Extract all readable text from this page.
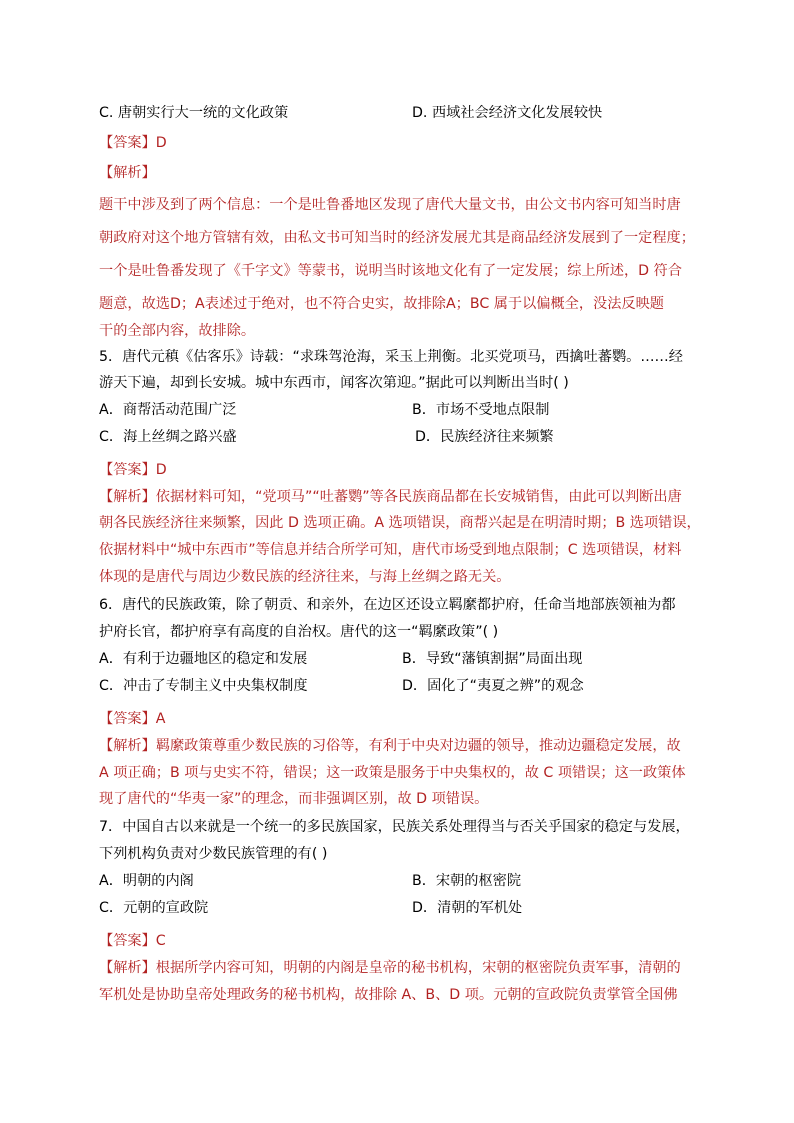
C. 唐朝实行大一统的文化政策	D. 西域社会经济文化发展较快
【答案】D
【解析】
题干中涉及到了两个信息：一个是吐鲁番地区发现了唐代大量文书，由公文书内容可知当时唐
朝政府对这个地方管辖有效，由私文书可知当时的经济发展尤其是商品经济发展到了一定程度；
一个是吐鲁番发现了《千字文》等蒙书，说明当时该地文化有了一定发展；综上所述，D 符合
题意，故选D；A表述过于绝对，也不符合史实，故排除A；BC 属于以偏概全，没法反映题
干的全部内容，故排除。
5．唐代元稹《估客乐》诗载：“求珠驾沧海，采玉上荆衡。北买党项马，西擒吐蕃鹦。……经
游天下遍，却到长安城。城中东西市，闻客次第迎。”据此可以判断出当时( )
A．商帮活动范围广泛	B．市场不受地点限制
C．海上丝绸之路兴盛	D．民族经济往来频繁
【答案】D
【解析】依据材料可知，“党项马”“吐蕃鹦”等各民族商品都在长安城销售，由此可以判断出唐
朝各民族经济往来频繁，因此 D 选项正确。A 选项错误，商帮兴起是在明清时期；B 选项错误，
依据材料中“城中东西市”等信息并结合所学可知，唐代市场受到地点限制；C 选项错误，材料
体现的是唐代与周边少数民族的经济往来，与海上丝绸之路无关。
6．唐代的民族政策，除了朝贡、和亲外，在边区还设立羁縻都护府，任命当地部族领袖为都
护府长官，都护府享有高度的自治权。唐代的这一“羁縻政策”( )
A．有利于边疆地区的稳定和发展	B．导致“藩镇割据”局面出现
C．冲击了专制主义中央集权制度	D．固化了“夷夏之辨”的观念
【答案】A
【解析】羁縻政策尊重少数民族的习俗等，有利于中央对边疆的领导，推动边疆稳定发展，故
A 项正确；B 项与史实不符，错误；这一政策是服务于中央集权的，故 C 项错误；这一政策体
现了唐代的“华夷一家”的理念，而非强调区别，故 D 项错误。
7．中国自古以来就是一个统一的多民族国家，民族关系处理得当与否关乎国家的稳定与发展，
下列机构负责对少数民族管理的有( )
A．明朝的内阁	B．宋朝的枢密院
C．元朝的宣政院	D．清朝的军机处
【答案】C
【解析】根据所学内容可知，明朝的内阁是皇帝的秘书机构，宋朝的枢密院负责军事，清朝的
军机处是协助皇帝处理政务的秘书机构，故排除 A、B、D 项。元朝的宣政院负责掌管全国佛
